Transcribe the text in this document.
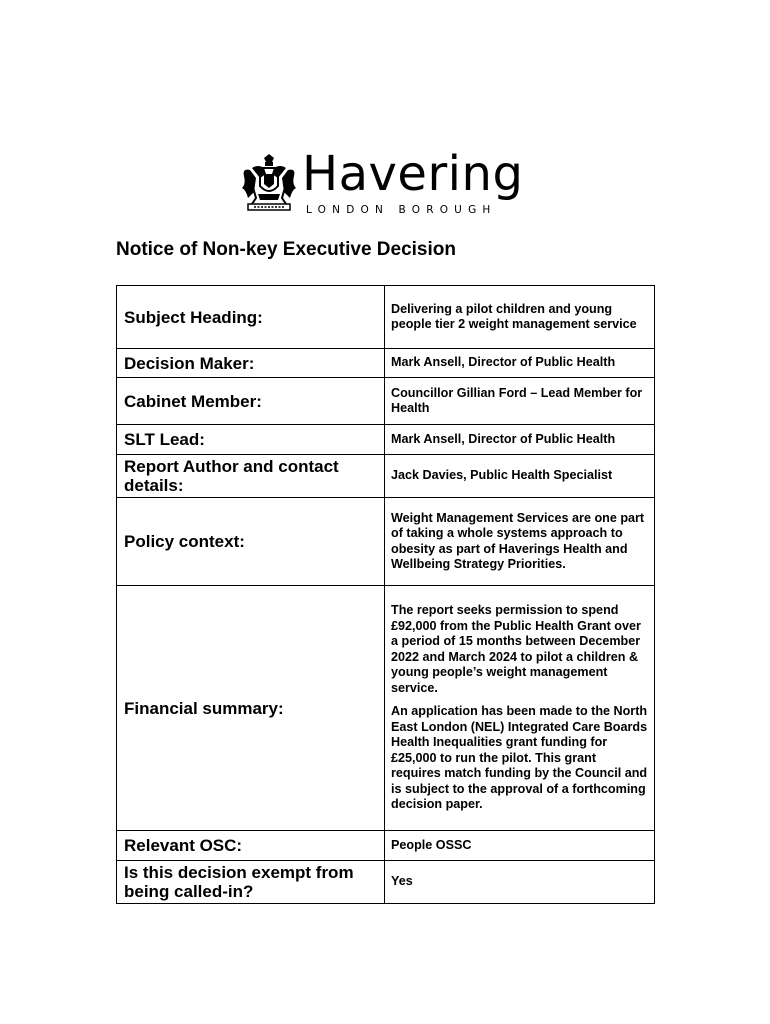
Havering
LONDON BOROUGH
Notice of Non-key Executive Decision
Subject Heading:	Delivering a pilot children and young people tier 2 weight management service
Decision Maker:	Mark Ansell, Director of Public Health
Cabinet Member:	Councillor Gillian Ford – Lead Member for Health
SLT Lead:	Mark Ansell, Director of Public Health
Report Author and contact details:	Jack Davies, Public Health Specialist
Policy context:	Weight Management Services are one part of taking a whole systems approach to obesity as part of Haverings Health and Wellbeing Strategy Priorities.
Financial summary:	The report seeks permission to spend £92,000 from the Public Health Grant over a period of 15 months between December 2022 and March 2024 to pilot a children & young people’s weight management service.

An application has been made to the North East London (NEL) Integrated Care Boards Health Inequalities grant funding for £25,000 to run the pilot. This grant requires match funding by the Council and is subject to the approval of a forthcoming decision paper.

Relevant OSC:	People OSSC
Is this decision exempt from being called-in?	Yes
